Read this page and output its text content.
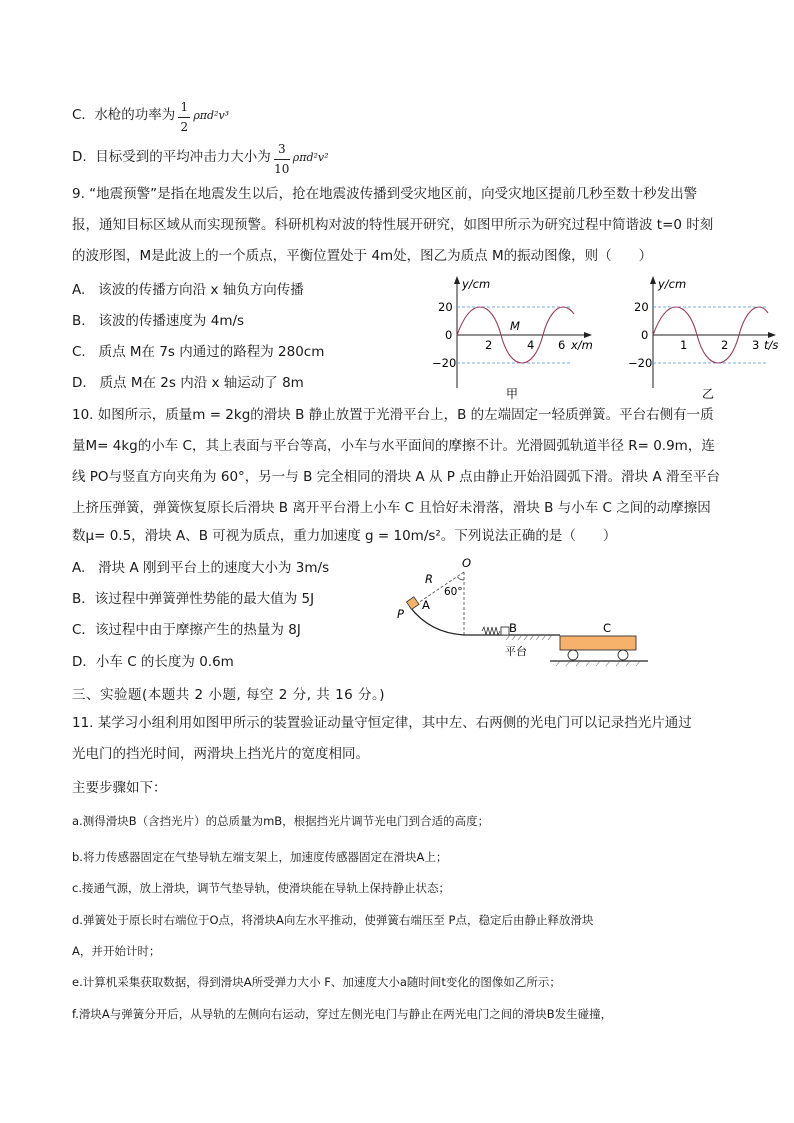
C. 水枪的功率为 $\frac{1}{2} \rho\pi d^2v^3$
D. 目标受到的平均冲击力大小为 $\frac{3}{10} \rho\pi d^2v^2$
9. “地震预警”是指在地震发生以后，抢在地震波传播到受灾地区前，向受灾地区提前几秒至数十秒发出警
报，通知目标区域从而实现预警。科研机构对波的特性展开研究，如图甲所示为研究过程中简谐波 t=0 时刻
的波形图，M是此波上的一个质点，平衡位置处于 4m处，图乙为质点 M的振动图像，则（　　）
A. 该波的传播方向沿 x 轴负方向传播
B. 该波的传播速度为 4m/s
C. 质点 M在 7s 内通过的路程为 280cm
D. 质点 M在 2s 内沿 x 轴运动了 8m
y/cm
20
0
−20
2	4 6 x/m
M
甲
y/cm
20
0
−20
1	2 3 t/s
乙
10. 如图所示，质量m = 2kg的滑块 B 静止放置于光滑平台上，B 的左端固定一轻质弹簧。平台右侧有一质
量M= 4kg的小车 C，其上表面与平台等高，小车与水平面间的摩擦不计。光滑圆弧轨道半径 R= 0.9m，连
线 PO与竖直方向夹角为 60°，另一与 B 完全相同的滑块 A 从 P 点由静止开始沿圆弧下滑。滑块 A 滑至平台
上挤压弹簧，弹簧恢复原长后滑块 B 离开平台滑上小车 C 且恰好未滑落，滑块 B 与小车 C 之间的动摩擦因
数μ= 0.5，滑块 A、B 可视为质点，重力加速度 g = 10m/s²。下列说法正确的是（　　）
A. 滑块 A 刚到平台上的速度大小为 3m/s
B．该过程中弹簧弹性势能的最大值为 5J
C．该过程中由于摩擦产生的热量为 8J
D．小车 C 的长度为 0.6m
O
R
60°
P
A
B	C
平台
三、实验题(本题共 2 小题, 每空 2 分, 共 16 分。)
11. 某学习小组利用如图甲所示的装置验证动量守恒定律，其中左、右两侧的光电门可以记录挡光片通过
光电门的挡光时间，两滑块上挡光片的宽度相同。
主要步骤如下：
a.测得滑块B（含挡光片）的总质量为mB，根据挡光片调节光电门到合适的高度；
b.将力传感器固定在气垫导轨左端支架上，加速度传感器固定在滑块A上；
c.接通气源，放上滑块，调节气垫导轨，使滑块能在导轨上保持静止状态；
d.弹簧处于原长时右端位于O点，将滑块A向左水平推动，使弹簧右端压至 P点，稳定后由静止释放滑块
A，并开始计时；
e.计算机采集获取数据，得到滑块A所受弹力大小 F、加速度大小a随时间t变化的图像如乙所示；
f.滑块A与弹簧分开后，从导轨的左侧向右运动，穿过左侧光电门与静止在两光电门之间的滑块B发生碰撞，
